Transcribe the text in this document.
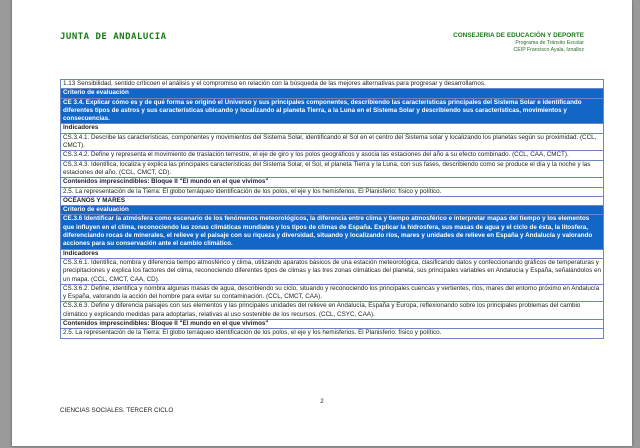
JUNTA DE ANDALUCIA	CONSEJERIA DE EDUCACIÓN Y DEPORTE
Programa de Tránsito Escolar
CEIP Francisco Ayala, Iznalloz
1.13 Sensibilidad, sentido críticoen el análisis y el compromiso en relación con la búsqueda de las mejores alternativas para progresar y desarrollarnos.
Criterio de evaluación
CE 3.4. Explicar cómo es y de qué forma se originó el Universo y sus principales componentes, describiendo las características principales del Sistema Solar e identificando diferentes tipos de astros y sus características ubicando y localizando al planeta Tierra, a la Luna en el Sistema Solar y describiendo sus características, movimientos y consecuencias.
Indicadores
CS.3.4.1. Describe las características, componentes y movimientos del Sistema Solar, identificando el Sol en el centro del Sistema solar y localizando los planetas según su proximidad. (CCL, CMCT).
CS.3.4.2. Define y representa el movimiento de traslación terrestre, el eje de giro y los polos geográficos y asocia las estaciones del año a su efecto combinado. (CCL, CAA, CMCT).
CS.3.4.3. Identifica, localiza y explica las principales características del Sistema Solar, el Sol, el planeta Tierra y la Luna, con sus fases, describiendo como se produce el día y la noche y las estaciones del año. (CCL, CMCT, CD).
Contenidos imprescindibles: Bloque II "El mundo en el que vivimos"
2.5. La representación de la Tierra: El globo terráqueo identificación de los polos, el eje y los hemisferios. El Planisferio: físico y político.
OCÉANOS Y MARES
Criterio de evaluación
CE.3.6 Identificar la atmósfera como escenario de los fenómenos meteorológicos, la diferencia entre clima y tiempo atmosférico e interpretar mapas del tiempo y los elementos que influyen en el clima, reconociendo las zonas climáticas mundiales y los tipos de climas de España. Explicar la hidrosfera, sus masas de agua y el ciclo de ésta, la litosfera, diferenciando rocas de minerales, el relieve y el paisaje con su riqueza y diversidad, situando y localizando ríos, mares y unidades de relieve en España y Andalucía y valorando acciones para su conservación ante el cambio climático.
Indicadores
CS.3.6.1. Identifica, nombra y diferencia tiempo atmosférico y clima, utilizando aparatos básicos de una estación meteorológica, clasificando datos y confeccionando gráficos de temperaturas y precipitaciones y explica los factores del clima, reconociendo diferentes tipos de climas y las tres zonas climáticas del planeta, sus principales variables en Andalucía y España, señalándolos en un mapa. (CCL, CMCT, CAA, CD).
CS.3.6.2. Define, identifica y nombra algunas masas de agua, describiendo su ciclo, situando y reconociendo los principales cuencas y vertientes, ríos, mares del entorno próximo en Andalucía y España, valorando la acción del hombre para evitar su contaminación. (CCL, CMCT, CAA).
CS.3.6.3. Define y diferencia paisajes con sus elementos y las principales unidades del relieve en Andalucía, España y Europa, reflexionando sobre los principales problemas del cambio climático y explicando medidas para adoptarlas, relativas al uso sostenible de los recursos. (CCL, CSYC, CAA).
Contenidos imprescindibles: Bloque II "El mundo en el que vivimos"
2.5. La representación de la Tierra: El globo terráqueo identificación de los polos, el eje y los hemisferios. El Planisferio: físico y político.
2
CIENCIAS SOCIALES. TERCER CICLO
